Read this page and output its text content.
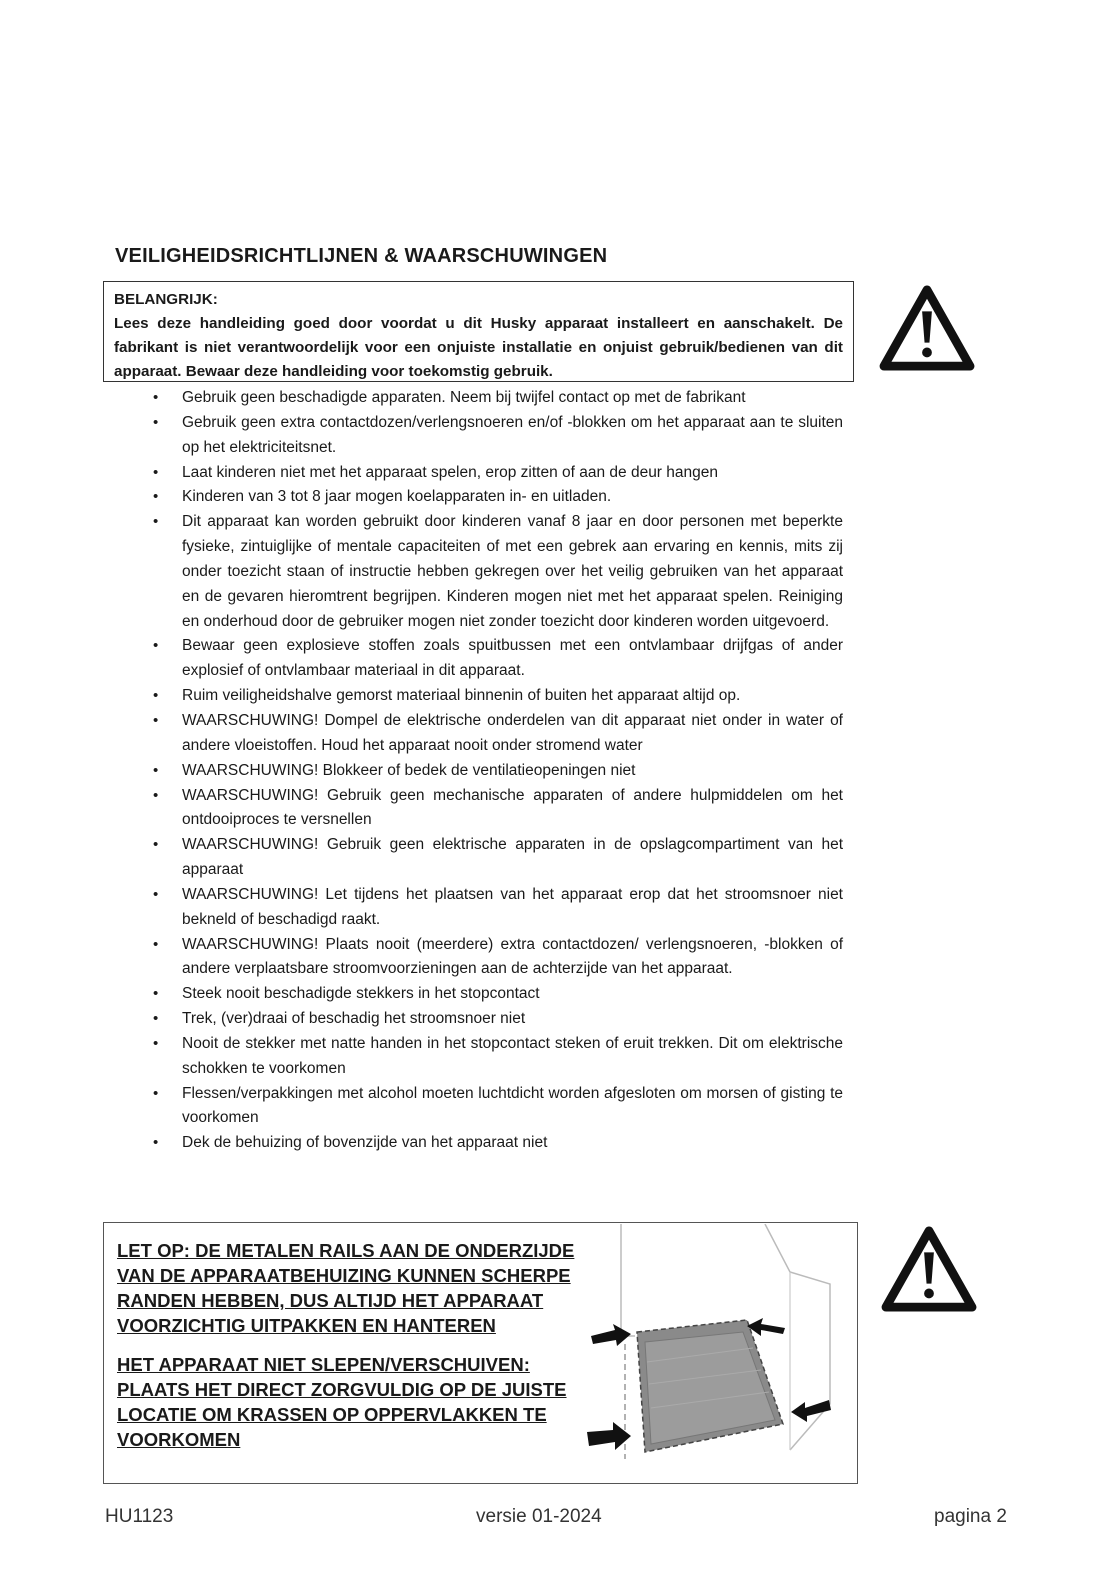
VEILIGHEIDSRICHTLIJNEN & WAARSCHUWINGEN
BELANGRIJK:
Lees deze handleiding goed door voordat u dit Husky apparaat installeert en aanschakelt. De fabrikant is niet verantwoordelijk voor een onjuiste installatie en onjuist gebruik/bedienen van dit apparaat. Bewaar deze handleiding voor toekomstig gebruik.
• Gebruik geen beschadigde apparaten. Neem bij twijfel contact op met de fabrikant
• Gebruik geen extra contactdozen/verlengsnoeren en/of -blokken om het apparaat aan te sluiten op het elektriciteitsnet.
• Laat kinderen niet met het apparaat spelen, erop zitten of aan de deur hangen
• Kinderen van 3 tot 8 jaar mogen koelapparaten in- en uitladen.
• Dit apparaat kan worden gebruikt door kinderen vanaf 8 jaar en door personen met beperkte fysieke, zintuiglijke of mentale capaciteiten of met een gebrek aan ervaring en kennis, mits zij onder toezicht staan of instructie hebben gekregen over het veilig gebruiken van het apparaat en de gevaren hieromtrent begrijpen. Kinderen mogen niet met het apparaat spelen. Reiniging en onderhoud door de gebruiker mogen niet zonder toezicht door kinderen worden uitgevoerd.
• Bewaar geen explosieve stoffen zoals spuitbussen met een ontvlambaar drijfgas of ander explosief of ontvlambaar materiaal in dit apparaat.
• Ruim veiligheidshalve gemorst materiaal binnenin of buiten het apparaat altijd op.
• WAARSCHUWING! Dompel de elektrische onderdelen van dit apparaat niet onder in water of andere vloeistoffen. Houd het apparaat nooit onder stromend water
• WAARSCHUWING! Blokkeer of bedek de ventilatieopeningen niet
• WAARSCHUWING! Gebruik geen mechanische apparaten of andere hulpmiddelen om het ontdooiproces te versnellen
• WAARSCHUWING! Gebruik geen elektrische apparaten in de opslagcompartiment van het apparaat
• WAARSCHUWING! Let tijdens het plaatsen van het apparaat erop dat het stroomsnoer niet bekneld of beschadigd raakt.
• WAARSCHUWING! Plaats nooit (meerdere) extra contactdozen/ verlengsnoeren, -blokken of andere verplaatsbare stroomvoorzieningen aan de achterzijde van het apparaat.
• Steek nooit beschadigde stekkers in het stopcontact
• Trek, (ver)draai of beschadig het stroomsnoer niet
• Nooit de stekker met natte handen in het stopcontact steken of eruit trekken. Dit om elektrische schokken te voorkomen
• Flessen/verpakkingen met alcohol moeten luchtdicht worden afgesloten om morsen of gisting te voorkomen
• Dek de behuizing of bovenzijde van het apparaat niet
LET OP: DE METALEN RAILS AAN DE ONDERZIJDE VAN DE APPARAATBEHUIZING KUNNEN SCHERPE RANDEN HEBBEN, DUS ALTIJD HET APPARAAT VOORZICHTIG UITPAKKEN EN HANTEREN
HET APPARAAT NIET SLEPEN/VERSCHUIVEN: PLAATS HET DIRECT ZORGVULDIG OP DE JUISTE LOCATIE OM KRASSEN OP OPPERVLAKKEN TE VOORKOMEN
HU1123	versie 01-2024	pagina 2
